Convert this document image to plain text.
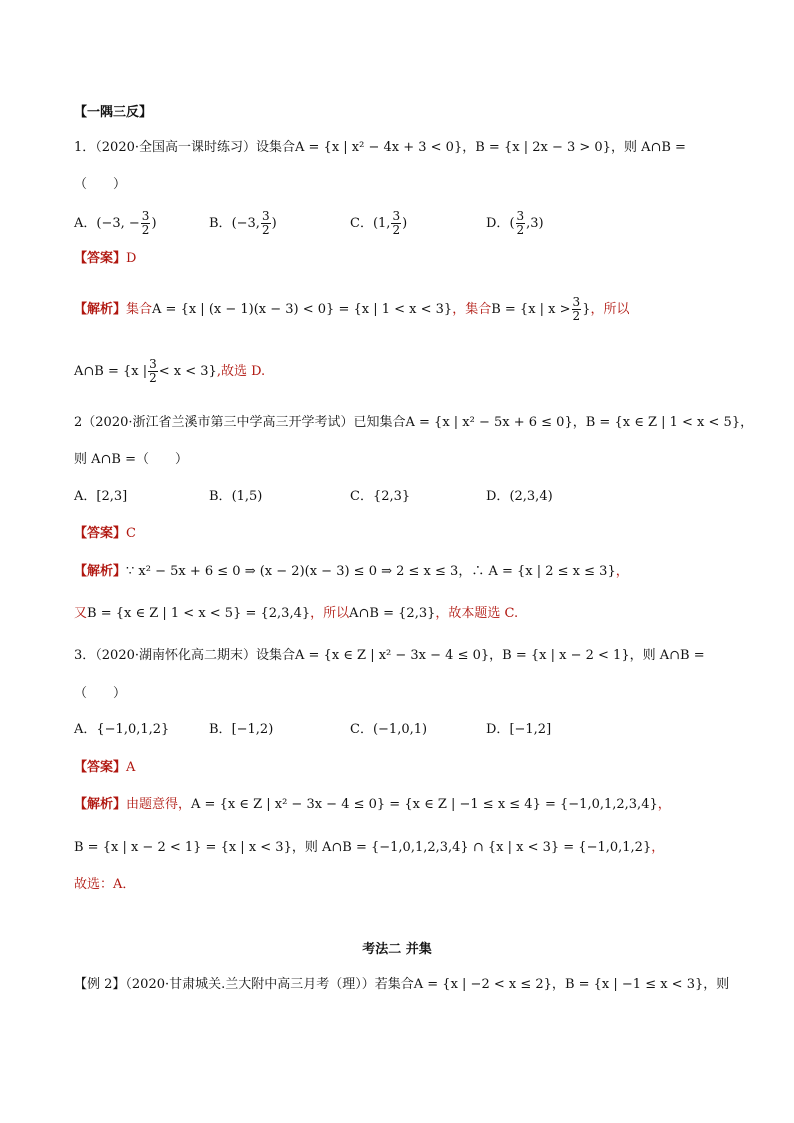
【一隅三反】
1．（2020·全国高一课时练习）设集合A = {x | x² − 4x + 3 < 0}，B = {x | 2x − 3 > 0}，则 A∩B =
（　　）
A．(−3, − $\frac{3}{2}$ )	B．(−3, $\frac{3}{2}$ )	C．(1, $\frac{3}{2}$ )	D．( $\frac{3}{2} ,3$)
【答案】D
【解析】集合A = {x | (x − 1)(x − 3) < 0} = {x | 1 < x < 3}，集合B = {x | $x > \frac{3}{2}$ }，所以
A∩B = {x | $\frac{3}{2} < x < 3$},故选 D.
2（2020·浙江省兰溪市第三中学高三开学考试）已知集合A = {x | x² − 5x + 6 ≤ 0}，B = {x ∈ Z | 1 < x < 5}，
则 A∩B =（　　）
A．[2,3]	B．(1,5)	C．{2,3}	D．(2,3,4)
【答案】C
【解析】∵ x² − 5x + 6 ≤ 0 ⇒ (x − 2)(x − 3) ≤ 0 ⇒ 2 ≤ x ≤ 3，∴ A = {x | 2 ≤ x ≤ 3}，
又B = {x ∈ Z | 1 < x < 5} = {2,3,4}，所以A∩B = {2,3}，故本题选 C.
3．（2020·湖南怀化高二期末）设集合A = {x ∈ Z | x² − 3x − 4 ≤ 0}，B = {x | x − 2 < 1}，则 A∩B =
（　　）
A．{−1,0,1,2}	B．[−1,2)	C．(−1,0,1)	D．[−1,2]
【答案】A
【解析】由题意得，A = {x ∈ Z | x² − 3x − 4 ≤ 0} = {x ∈ Z | −1 ≤ x ≤ 4} = {−1,0,1,2,3,4}，
B = {x | x − 2 < 1} = {x | x < 3}，则 A∩B = {−1,0,1,2,3,4} ∩ {x | x < 3} = {−1,0,1,2}，
故选：A．
考法二 并集
【例 2】（2020·甘肃城关.兰大附中高三月考（理））若集合A = {x | −2 < x ≤ 2}，B = {x | −1 ≤ x < 3}，则
